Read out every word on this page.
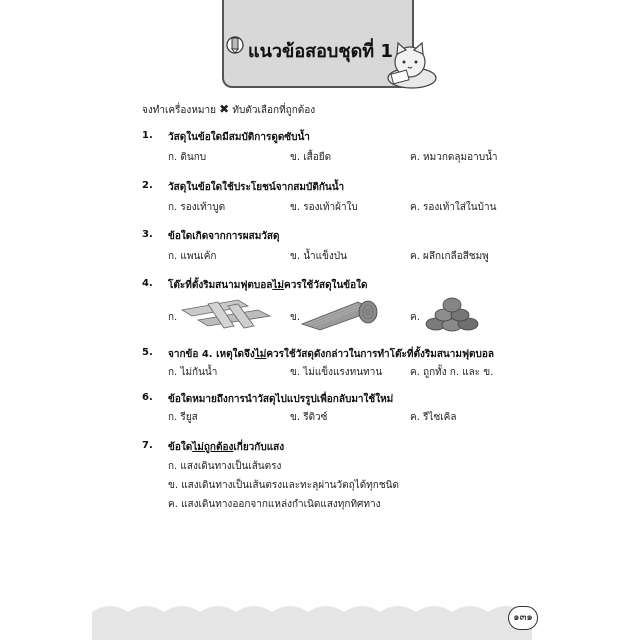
แนวข้อสอบชุดที่ 1
จงทำเครื่องหมาย ✖ ทับตัวเลือกที่ถูกต้อง
1. วัสดุในข้อใดมีสมบัติการดูดซับน้ำ
ก. ดินกบ	ข. เสื้อยืด	ค. หมวกดลุมอาบน้ำ
2. วัสดุในข้อใดใช้ประโยชน์จากสมบัติกันน้ำ
ก. รองเท้าบูต	ข. รองเท้าผ้าใบ	ค. รองเท้าใส่ในบ้าน
3. ข้อใดเกิดจากการผสมวัสดุ
ก. แพนเค้ก	ข. น้ำแข็งป่น	ค. ผลึกเกลือสีชมพู
4. โต๊ะที่ตั้งริมสนามฟุตบอลไม่ควรใช้วัสดุในข้อใด
ก.	ข.	ค.
5. จากข้อ 4. เหตุใดจึงไม่ควรใช้วัสดุดังกล่าวในการทำโต๊ะที่ตั้งริมสนามฟุตบอล
ก. ไม่กันน้ำ	ข. ไม่แข็งแรงทนทาน	ค. ถูกทั้ง ก. และ ข.
6. ข้อใดหมายถึงการนำวัสดุไปแปรรูปเพื่อกลับมาใช้ใหม่
ก. รียูส	ข. รีดิวซ์	ค. รีไซเคิล
7. ข้อใดไม่ถูกต้องเกี่ยวกับแสง
ก. แสงเดินทางเป็นเส้นตรง
ข. แสงเดินทางเป็นเส้นตรงและทะลุผ่านวัตถุได้ทุกชนิด
ค. แสงเดินทางออกจากแหล่งกำเนิดแสงทุกทิศทาง
๑๓๑
